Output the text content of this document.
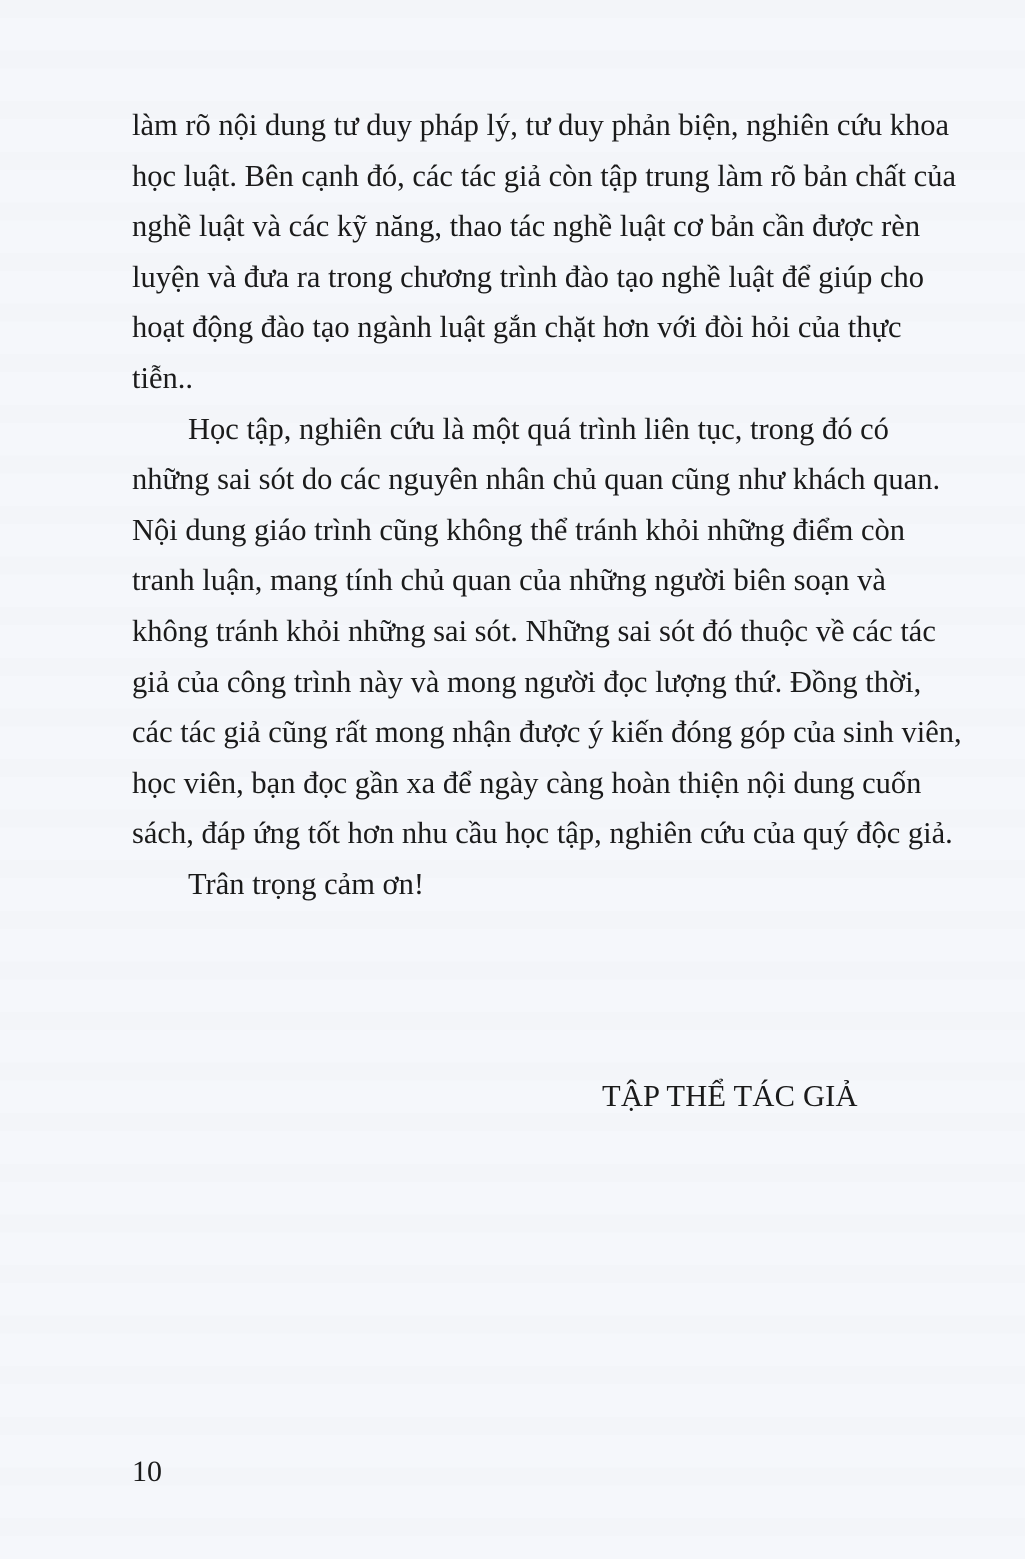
làm rõ nội dung tư duy pháp lý, tư duy phản biện, nghiên cứu khoa học luật. Bên cạnh đó, các tác giả còn tập trung làm rõ bản chất của nghề luật và các kỹ năng, thao tác nghề luật cơ bản cần được rèn luyện và đưa ra trong chương trình đào tạo nghề luật để giúp cho hoạt động đào tạo ngành luật gắn chặt hơn với đòi hỏi của thực tiễn..

Học tập, nghiên cứu là một quá trình liên tục, trong đó có những sai sót do các nguyên nhân chủ quan cũng như khách quan. Nội dung giáo trình cũng không thể tránh khỏi những điểm còn tranh luận, mang tính chủ quan của những người biên soạn và không tránh khỏi những sai sót. Những sai sót đó thuộc về các tác giả của công trình này và mong người đọc lượng thứ. Đồng thời, các tác giả cũng rất mong nhận được ý kiến đóng góp của sinh viên, học viên, bạn đọc gần xa để ngày càng hoàn thiện nội dung cuốn sách, đáp ứng tốt hơn nhu cầu học tập, nghiên cứu của quý độc giả.

Trân trọng cảm ơn!

TẬP THỂ TÁC GIẢ
10
